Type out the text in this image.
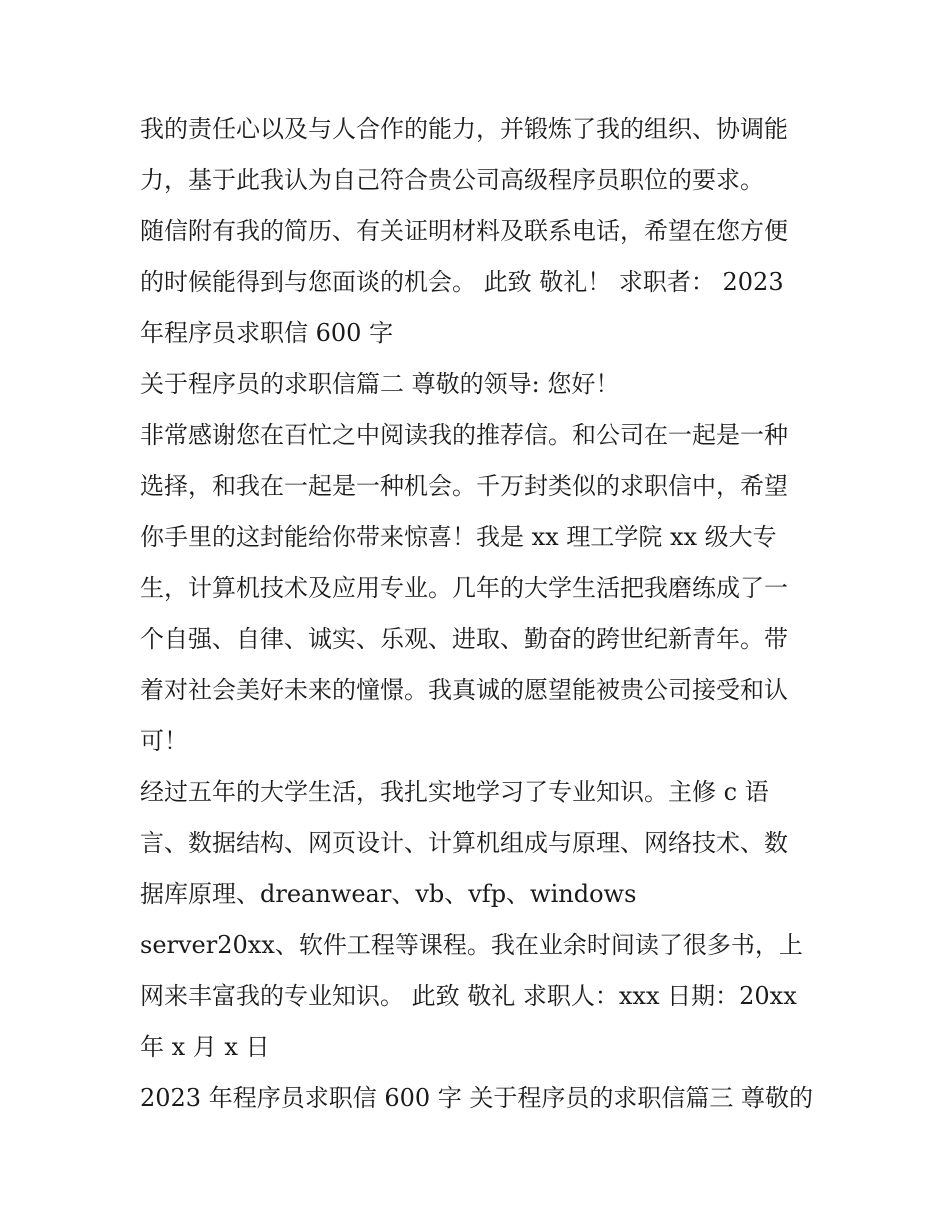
我的责任心以及与人合作的能力，并锻炼了我的组织、协调能
力，基于此我认为自己符合贵公司高级程序员职位的要求。
随信附有我的简历、有关证明材料及联系电话，希望在您方便
的时候能得到与您面谈的机会。 此致 敬礼！ 求职者： 2023
年程序员求职信 600 字
关于程序员的求职信篇二 尊敬的领导: 您好！
非常感谢您在百忙之中阅读我的推荐信。和公司在一起是一种
选择，和我在一起是一种机会。千万封类似的求职信中，希望
你手里的这封能给你带来惊喜！我是 xx 理工学院 xx 级大专
生，计算机技术及应用专业。几年的大学生活把我磨练成了一
个自强、自律、诚实、乐观、进取、勤奋的跨世纪新青年。带
着对社会美好未来的憧憬。我真诚的愿望能被贵公司接受和认
可！
经过五年的大学生活，我扎实地学习了专业知识。主修 c 语
言、数据结构、网页设计、计算机组成与原理、网络技术、数
据库原理、dreanwear、vb、vfp、windows
server20xx、软件工程等课程。我在业余时间读了很多书，上
网来丰富我的专业知识。 此致 敬礼 求职人：xxx 日期：20xx
年 x 月 x 日
2023 年程序员求职信 600 字 关于程序员的求职信篇三 尊敬的
